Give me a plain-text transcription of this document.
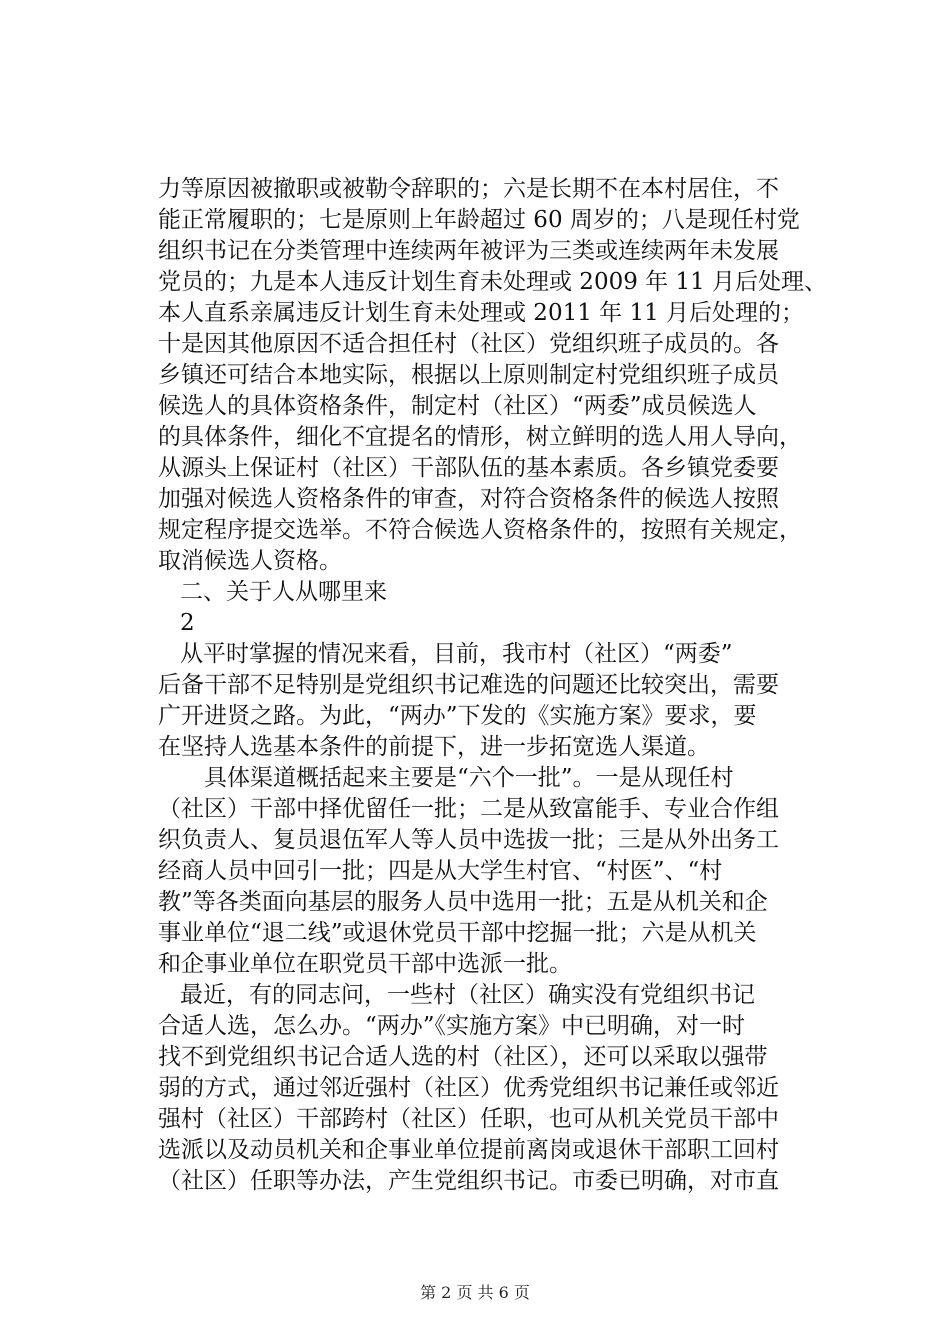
力等原因被撤职或被勒令辞职的；六是长期不在本村居住，不
能正常履职的；七是原则上年龄超过 60 周岁的；八是现任村党
组织书记在分类管理中连续两年被评为三类或连续两年未发展
党员的；九是本人违反计划生育未处理或 2009 年 11 月后处理、
本人直系亲属违反计划生育未处理或 2011 年 11 月后处理的；
十是因其他原因不适合担任村（社区）党组织班子成员的。各
乡镇还可结合本地实际，根据以上原则制定村党组织班子成员
候选人的具体资格条件，制定村（社区）“两委”成员候选人
的具体条件，细化不宜提名的情形，树立鲜明的选人用人导向，
从源头上保证村（社区）干部队伍的基本素质。各乡镇党委要
加强对候选人资格条件的审查，对符合资格条件的候选人按照
规定程序提交选举。不符合候选人资格条件的，按照有关规定，
取消候选人资格。
二、关于人从哪里来
2
从平时掌握的情况来看，目前，我市村（社区）“两委”
后备干部不足特别是党组织书记难选的问题还比较突出，需要
广开进贤之路。为此，“两办”下发的《实施方案》要求，要
在坚持人选基本条件的前提下，进一步拓宽选人渠道。
具体渠道概括起来主要是“六个一批”。一是从现任村
（社区）干部中择优留任一批；二是从致富能手、专业合作组
织负责人、复员退伍军人等人员中选拔一批；三是从外出务工
经商人员中回引一批；四是从大学生村官、“村医”、“村
教”等各类面向基层的服务人员中选用一批；五是从机关和企
事业单位“退二线”或退休党员干部中挖掘一批；六是从机关
和企事业单位在职党员干部中选派一批。
最近，有的同志问，一些村（社区）确实没有党组织书记
合适人选，怎么办。“两办”《实施方案》中已明确，对一时
找不到党组织书记合适人选的村（社区），还可以采取以强带
弱的方式，通过邻近强村（社区）优秀党组织书记兼任或邻近
强村（社区）干部跨村（社区）任职，也可从机关党员干部中
选派以及动员机关和企事业单位提前离岗或退休干部职工回村
（社区）任职等办法，产生党组织书记。市委已明确，对市直
第 2 页 共 6 页
